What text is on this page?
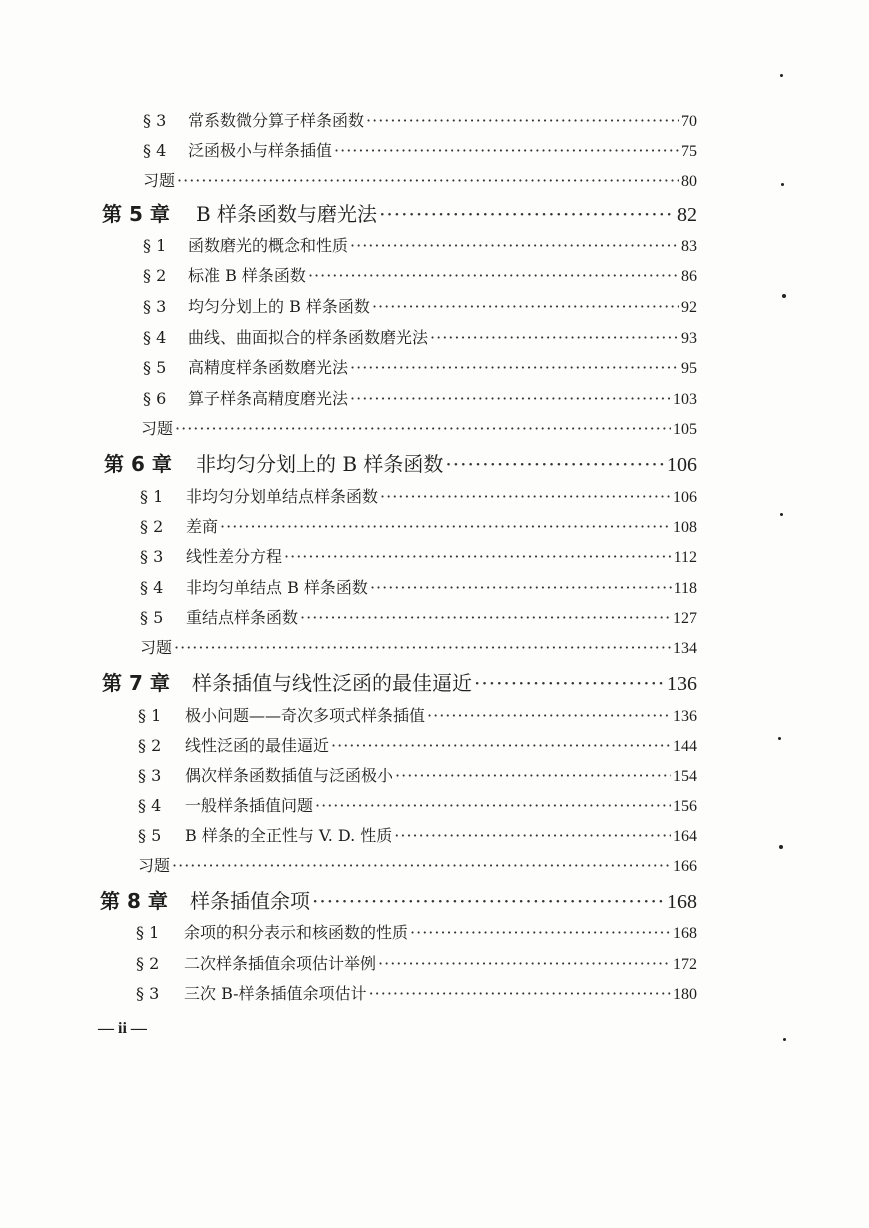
§ 3	常系数微分算子样条函数 ·····	70
§ 4	泛函极小与样条插值 ·····	75
习题 ·····	80
第 5 章	B 样条函数与磨光法 ·····	82
§ 1	函数磨光的概念和性质 ·····	83
§ 2	标准 B 样条函数 ·····	86
§ 3	均匀分划上的 B 样条函数 ·····	92
§ 4	曲线、曲面拟合的样条函数磨光法 ·····	93
§ 5	高精度样条函数磨光法 ·····	95
§ 6	算子样条高精度磨光法 ·····	103
习题 ·····	105
第 6 章	非均匀分划上的 B 样条函数 ·····	106
§ 1	非均匀分划单结点样条函数 ·····	106
§ 2	差商 ·····	108
§ 3	线性差分方程 ·····	112
§ 4	非均匀单结点 B 样条函数 ·····	118
§ 5	重结点样条函数 ·····	127
习题 ·····	134
第 7 章	样条插值与线性泛函的最佳逼近 ·····	136
§ 1	极小问题——奇次多项式样条插值 ·····	136
§ 2	线性泛函的最佳逼近 ·····	144
§ 3	偶次样条函数插值与泛函极小 ·····	154
§ 4	一般样条插值问题 ·····	156
§ 5	B 样条的全正性与 V. D. 性质 ·····	164
习题 ·····	166
第 8 章	样条插值余项 ·····	168
§ 1	余项的积分表示和核函数的性质 ·····	168
§ 2	二次样条插值余项估计举例 ·····	172
§ 3	三次 B-样条插值余项估计 ·····	180
— ii —
